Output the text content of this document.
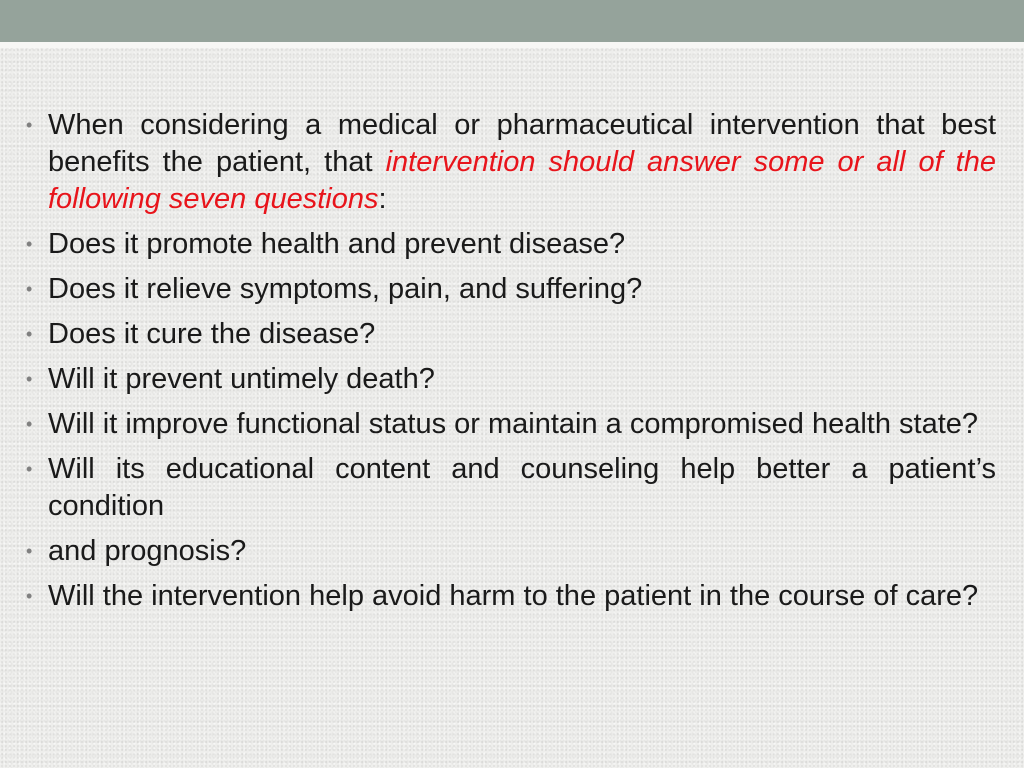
• When considering a medical or pharmaceutical intervention that best benefits the patient, that intervention should answer some or all of the following seven questions:
• Does it promote health and prevent disease?
• Does it relieve symptoms, pain, and suffering?
• Does it cure the disease?
• Will it prevent untimely death?
• Will it improve functional status or maintain a compromised health state?
• Will its educational content and counseling help better a patient’s condition
• and prognosis?
• Will the intervention help avoid harm to the patient in the course of care?
